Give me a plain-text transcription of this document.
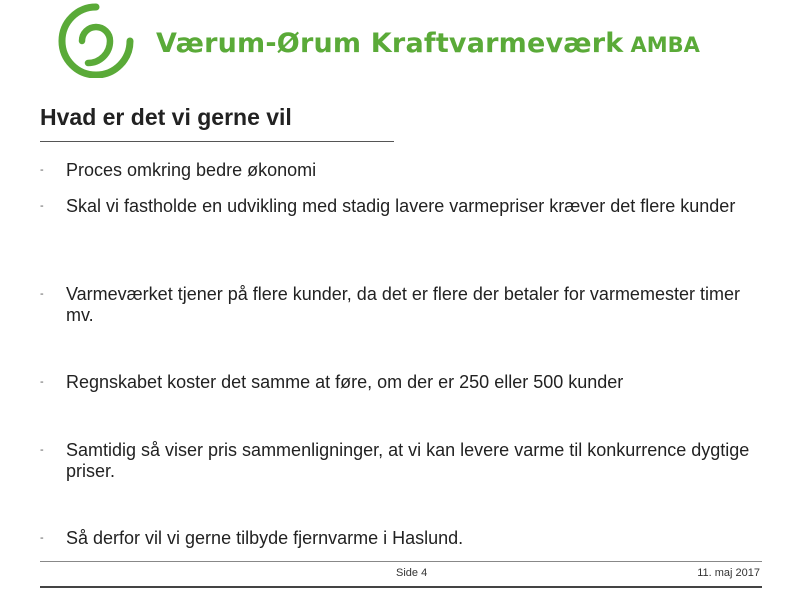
Værum-Ørum Kraftvarmeværk AMBA
Hvad er det vi gerne vil
-	Proces omkring bedre økonomi
-	Skal vi fastholde en udvikling med stadig lavere varmepriser kræver det flere kunder
-	Varmeværket tjener på flere kunder, da det er flere der betaler for varmemester timer mv.
-	Regnskabet koster det samme at føre, om der er 250 eller 500 kunder
-	Samtidig så viser pris sammenligninger, at vi kan levere varme til konkurrence dygtige priser.
-	Så derfor vil vi gerne tilbyde fjernvarme i Haslund.
Side 4	11. maj 2017
